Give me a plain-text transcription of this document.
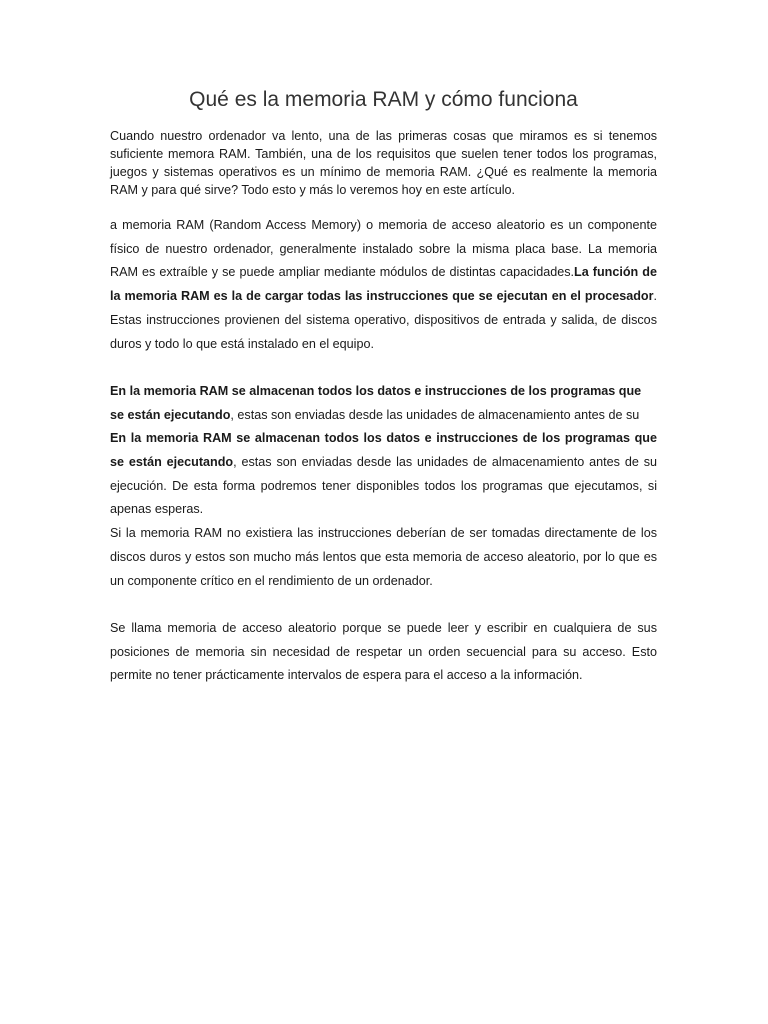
Qué es la memoria RAM y cómo funciona

Cuando nuestro ordenador va lento, una de las primeras cosas que miramos es si tenemos suficiente memora RAM. También, una de los requisitos que suelen tener todos los programas, juegos y sistemas operativos es un mínimo de memoria RAM. ¿Qué es realmente la memoria RAM y para qué sirve? Todo esto y más lo veremos hoy en este artículo.

a memoria RAM (Random Access Memory) o memoria de acceso aleatorio es un componente físico de nuestro ordenador, generalmente instalado sobre la misma placa base. La memoria RAM es extraíble y se puede ampliar mediante módulos de distintas capacidades.La función de la memoria RAM es la de cargar todas las instrucciones que se ejecutan en el procesador. Estas instrucciones provienen del sistema operativo, dispositivos de entrada y salida, de discos duros y todo lo que está instalado en el equipo.

En la memoria RAM se almacenan todos los datos e instrucciones de los programas que se están ejecutando, estas son enviadas desde las unidades de almacenamiento antes de su

En la memoria RAM se almacenan todos los datos e instrucciones de los programas que se están ejecutando, estas son enviadas desde las unidades de almacenamiento antes de su ejecución. De esta forma podremos tener disponibles todos los programas que ejecutamos, si apenas esperas.

Si la memoria RAM no existiera las instrucciones deberían de ser tomadas directamente de los discos duros y estos son mucho más lentos que esta memoria de acceso aleatorio, por lo que es un componente crítico en el rendimiento de un ordenador.

Se llama memoria de acceso aleatorio porque se puede leer y escribir en cualquiera de sus posiciones de memoria sin necesidad de respetar un orden secuencial para su acceso. Esto permite no tener prácticamente intervalos de espera para el acceso a la información.
